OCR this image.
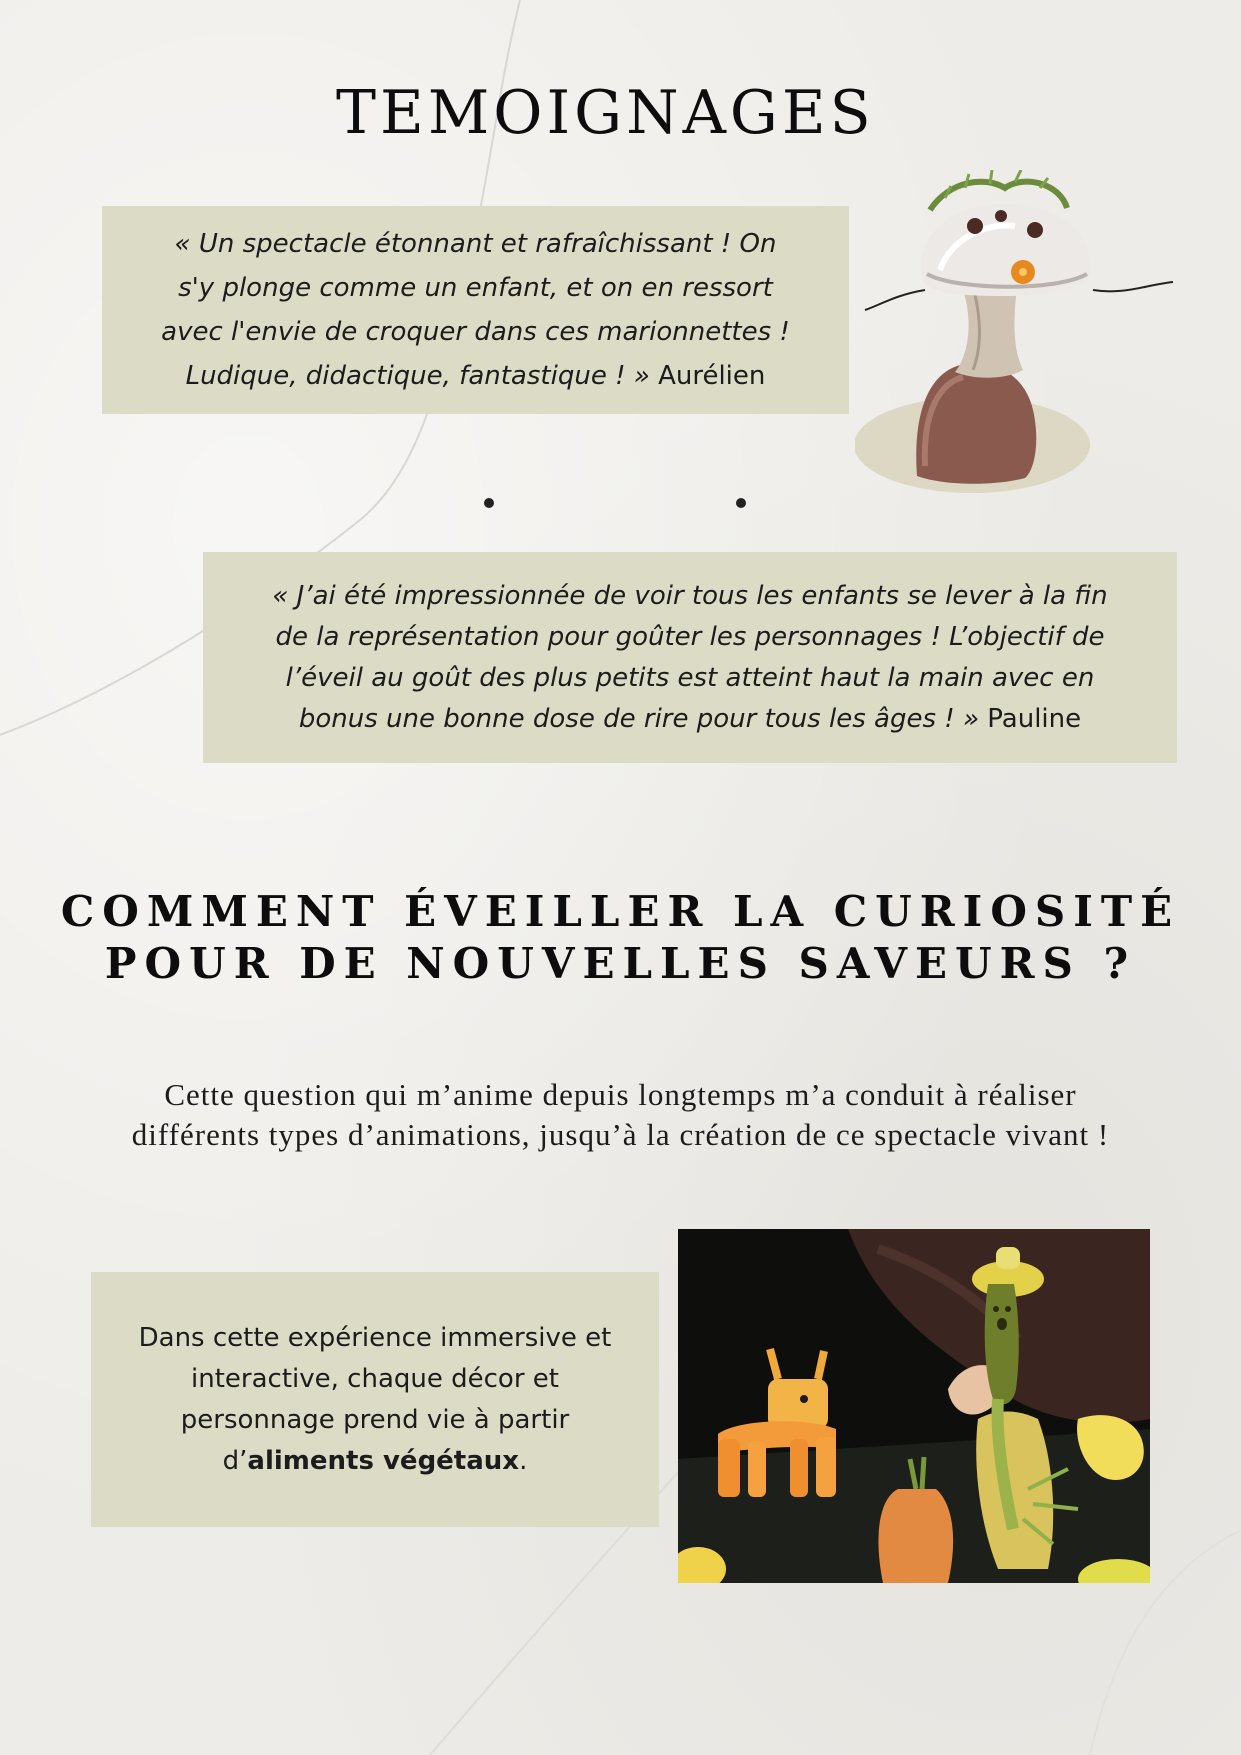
TEMOIGNAGES
« Un spectacle étonnant et rafraîchissant ! On
s'y plonge comme un enfant, et on en ressort
avec l'envie de croquer dans ces marionnettes !
Ludique, didactique, fantastique ! » Aurélien
« J’ai été impressionnée de voir tous les enfants se lever à la fin
de la représentation pour goûter les personnages ! L’objectif de
l’éveil au goût des plus petits est atteint haut la main avec en
bonus une bonne dose de rire pour tous les âges ! » Pauline
COMMENT ÉVEILLER LA CURIOSITÉ
POUR DE NOUVELLES SAVEURS ?
Cette question qui m’anime depuis longtemps m’a conduit à réaliser
différents types d’animations, jusqu’à la création de ce spectacle vivant !
Dans cette expérience immersive et
interactive, chaque décor et
personnage prend vie à partir
d’aliments végétaux.
